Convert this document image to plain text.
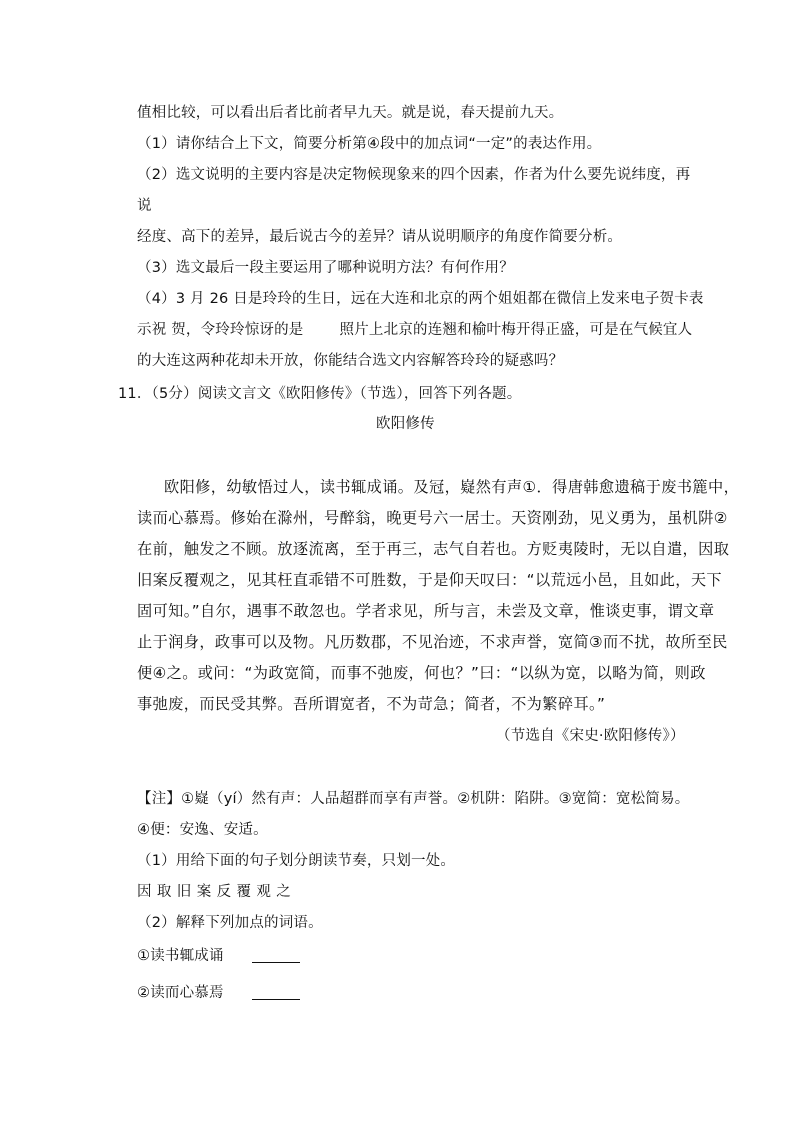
值相比较，可以看出后者比前者早九天。就是说，春天提前九天。
（1）请你结合上下文，简要分析第④段中的加点词“一定”的表达作用。
（2）选文说明的主要内容是决定物候现象来的四个因素，作者为什么要先说纬度，再
说
经度、高下的差异，最后说古今的差异？请从说明顺序的角度作简要分析。
（3）选文最后一段主要运用了哪种说明方法？有何作用？
（4）3 月 26 日是玲玲的生日，远在大连和北京的两个姐姐都在微信上发来电子贺卡表
示祝 贺，令玲玲惊讶的是 照片上北京的连翘和榆叶梅开得正盛，可是在气候宜人
的大连这两种花却未开放，你能结合选文内容解答玲玲的疑惑吗？
11．（5分）阅读文言文《欧阳修传》（节选），回答下列各题。
欧阳修传
欧阳修，幼敏悟过人，读书辄成诵。及冠，嶷然有声①．得唐韩愈遗稿于废书簏中，
读而心慕焉。修始在滁州，号醉翁，晚更号六一居士。天资刚劲，见义勇为，虽机阱②
在前，触发之不顾。放逐流离，至于再三，志气自若也。方贬夷陵时，无以自遣，因取
旧案反覆观之，见其枉直乖错不可胜数，于是仰天叹曰：“以荒远小邑，且如此，天下
固可知。”自尔，遇事不敢忽也。学者求见，所与言，未尝及文章，惟谈吏事，谓文章
止于润身，政事可以及物。凡历数郡，不见治迹，不求声誉，宽简③而不扰，故所至民
便④之。或问：“为政宽简，而事不弛废，何也？”曰：“以纵为宽，以略为简，则政
事弛废，而民受其弊。吾所谓宽者，不为苛急；简者，不为繁碎耳。”
（节选自《宋史·欧阳修传》）
【注】①嶷（yí）然有声：人品超群而享有声誉。②机阱：陷阱。③宽简：宽松简易。
④便：安逸、安适。
（1）用给下面的句子划分朗读节奏，只划一处。
因取旧案反覆观之
（2）解释下列加点的词语。
①读书辄成诵
②读而心慕焉
